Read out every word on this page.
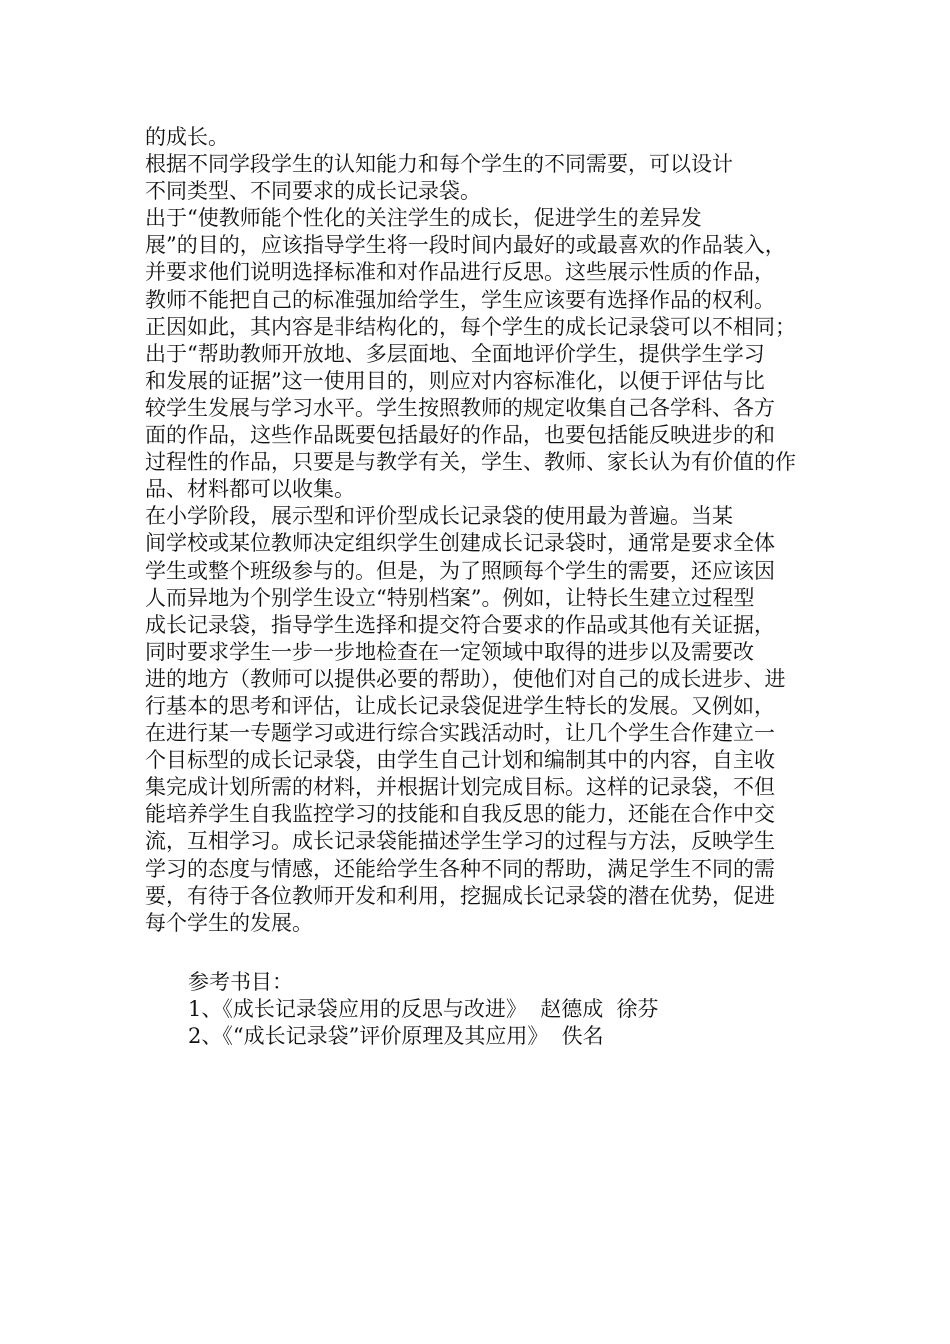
的成长。
根据不同学段学生的认知能力和每个学生的不同需要，可以设计
不同类型、不同要求的成长记录袋。
出于“使教师能个性化的关注学生的成长，促进学生的差异发
展”的目的，应该指导学生将一段时间内最好的或最喜欢的作品装入，
并要求他们说明选择标准和对作品进行反思。这些展示性质的作品，
教师不能把自己的标准强加给学生，学生应该要有选择作品的权利。
正因如此，其内容是非结构化的，每个学生的成长记录袋可以不相同；
出于“帮助教师开放地、多层面地、全面地评价学生，提供学生学习
和发展的证据”这一使用目的，则应对内容标准化，以便于评估与比
较学生发展与学习水平。学生按照教师的规定收集自己各学科、各方
面的作品，这些作品既要包括最好的作品，也要包括能反映进步的和
过程性的作品，只要是与教学有关，学生、教师、家长认为有价值的作
品、材料都可以收集。
在小学阶段，展示型和评价型成长记录袋的使用最为普遍。当某
间学校或某位教师决定组织学生创建成长记录袋时，通常是要求全体
学生或整个班级参与的。但是，为了照顾每个学生的需要，还应该因
人而异地为个别学生设立“特别档案”。例如，让特长生建立过程型
成长记录袋，指导学生选择和提交符合要求的作品或其他有关证据，
同时要求学生一步一步地检查在一定领域中取得的进步以及需要改
进的地方（教师可以提供必要的帮助），使他们对自己的成长进步、进
行基本的思考和评估，让成长记录袋促进学生特长的发展。又例如，
在进行某一专题学习或进行综合实践活动时，让几个学生合作建立一
个目标型的成长记录袋，由学生自己计划和编制其中的内容，自主收
集完成计划所需的材料，并根据计划完成目标。这样的记录袋，不但
能培养学生自我监控学习的技能和自我反思的能力，还能在合作中交
流，互相学习。成长记录袋能描述学生学习的过程与方法，反映学生
学习的态度与情感，还能给学生各种不同的帮助，满足学生不同的需
要，有待于各位教师开发和利用，挖掘成长记录袋的潜在优势，促进
每个学生的发展。
参考书目：
1、《成长记录袋应用的反思与改进》  赵德成  徐芬
2、《“成长记录袋”评价原理及其应用》  佚名
